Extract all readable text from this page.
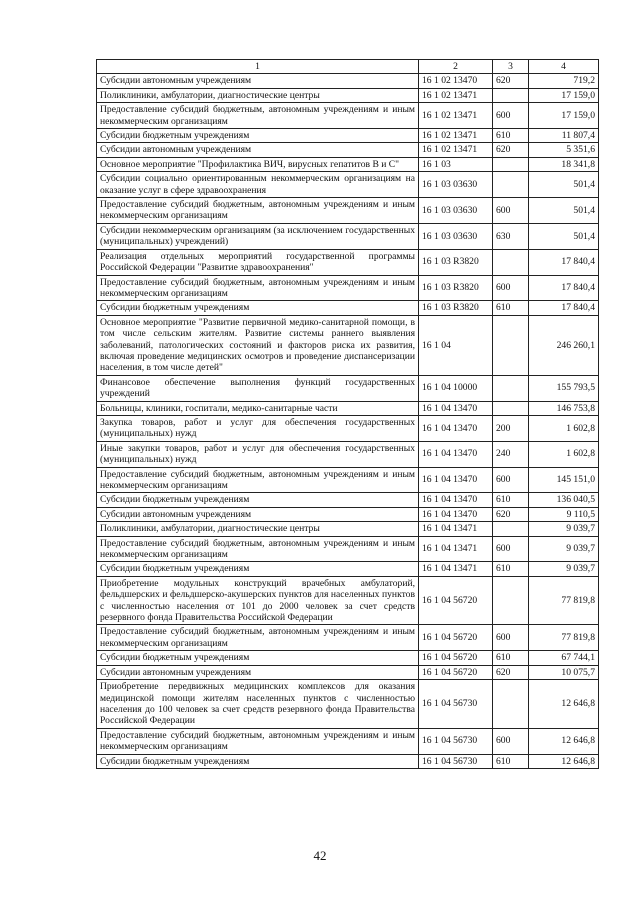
1	2	3	4
Субсидии автономным учреждениям	16 1 02 13470	620	719,2
Поликлиники, амбулатории, диагностические центры	16 1 02 13471		17 159,0
Предоставление субсидий бюджетным, автономным учреждениям и иным некоммерческим организациям	16 1 02 13471	600	17 159,0
Субсидии бюджетным учреждениям	16 1 02 13471	610	11 807,4
Субсидии автономным учреждениям	16 1 02 13471	620	5 351,6
Основное мероприятие "Профилактика ВИЧ, вирусных гепатитов В и С"	16 1 03		18 341,8
Субсидии социально ориентированным некоммерческим организациям на оказание услуг в сфере здравоохранения	16 1 03 03630		501,4
Предоставление субсидий бюджетным, автономным учреждениям и иным некоммерческим организациям	16 1 03 03630	600	501,4
Субсидии некоммерческим организациям (за исключением государственных (муниципальных) учреждений)	16 1 03 03630	630	501,4
Реализация отдельных мероприятий государственной программы Российской Федерации "Развитие здравоохранения"	16 1 03 R3820		17 840,4
Предоставление субсидий бюджетным, автономным учреждениям и иным некоммерческим организациям	16 1 03 R3820	600	17 840,4
Субсидии бюджетным учреждениям	16 1 03 R3820	610	17 840,4
Основное мероприятие "Развитие первичной медико-санитарной помощи, в том числе сельским жителям. Развитие системы раннего выявления заболеваний, патологических состояний и факторов риска их развития, включая проведение медицинских осмотров и проведение диспансеризации населения, в том числе детей"	16 1 04		246 260,1
Финансовое обеспечение выполнения функций государственных учреждений	16 1 04 10000		155 793,5
Больницы, клиники, госпитали, медико-санитарные части	16 1 04 13470		146 753,8
Закупка товаров, работ и услуг для обеспечения государственных (муниципальных) нужд	16 1 04 13470	200	1 602,8
Иные закупки товаров, работ и услуг для обеспечения государственных (муниципальных) нужд	16 1 04 13470	240	1 602,8
Предоставление субсидий бюджетным, автономным учреждениям и иным некоммерческим организациям	16 1 04 13470	600	145 151,0
Субсидии бюджетным учреждениям	16 1 04 13470	610	136 040,5
Субсидии автономным учреждениям	16 1 04 13470	620	9 110,5
Поликлиники, амбулатории, диагностические центры	16 1 04 13471		9 039,7
Предоставление субсидий бюджетным, автономным учреждениям и иным некоммерческим организациям	16 1 04 13471	600	9 039,7
Субсидии бюджетным учреждениям	16 1 04 13471	610	9 039,7
Приобретение модульных конструкций врачебных амбулаторий, фельдшерских и фельдшерско-акушерских пунктов для населенных пунктов с численностью населения от 101 до 2000 человек за счет средств резервного фонда Правительства Российской Федерации	16 1 04 56720		77 819,8
Предоставление субсидий бюджетным, автономным учреждениям и иным некоммерческим организациям	16 1 04 56720	600	77 819,8
Субсидии бюджетным учреждениям	16 1 04 56720	610	67 744,1
Субсидии автономным учреждениям	16 1 04 56720	620	10 075,7
Приобретение передвижных медицинских комплексов для оказания медицинской помощи жителям населенных пунктов с численностью населения до 100 человек за счет средств резервного фонда Правительства Российской Федерации	16 1 04 56730		12 646,8
Предоставление субсидий бюджетным, автономным учреждениям и иным некоммерческим организациям	16 1 04 56730	600	12 646,8
Субсидии бюджетным учреждениям	16 1 04 56730	610	12 646,8
42
